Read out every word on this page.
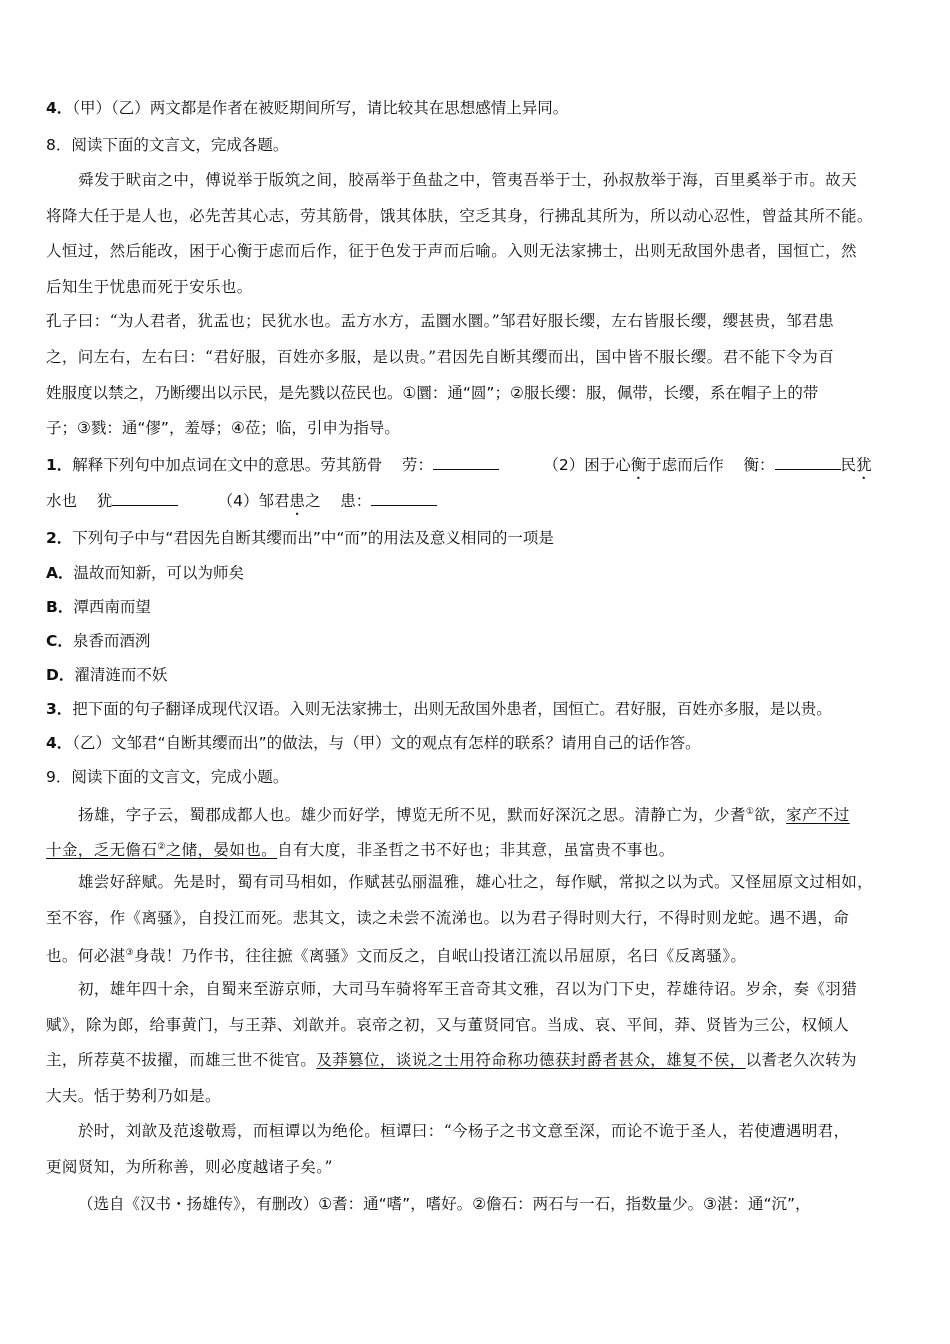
4．（甲）（乙）两文都是作者在被贬期间所写，请比较其在思想感情上异同。
8．阅读下面的文言文，完成各题。
舜发于畎亩之中，傅说举于版筑之间，胶鬲举于鱼盐之中，管夷吾举于士，孙叔敖举于海，百里奚举于市。故天
将降大任于是人也，必先苦其心志，劳其筋骨，饿其体肤，空乏其身，行拂乱其所为，所以动心忍性，曾益其所不能。
人恒过，然后能改，困于心衡于虑而后作，征于色发于声而后喻。入则无法家拂士，出则无敌国外患者，国恒亡，然
后知生于忧患而死于安乐也。
孔子曰：“为人君者，犹盂也；民犹水也。盂方水方，盂圜水圜。”邹君好服长缨，左右皆服长缨，缨甚贵，邹君患
之，问左右，左右曰：“君好服，百姓亦多服，是以贵。”君因先自断其缨而出，国中皆不服长缨。君不能下令为百
姓服度以禁之，乃断缨出以示民，是先戮以莅民也。①圜：通“圆”；②服长缨：服，佩带，长缨，系在帽子上的带
子；③戮：通“僇”，羞辱；④莅；临，引申为指导。
1．解释下列句中加点词在文中的意思。劳其筋骨 劳：	（2）困于心衡于虑而后作 衡：	民犹
水也 犹	（4）邹君患之 患：
2．下列句子中与“君因先自断其缨而出”中“而”的用法及意义相同的一项是
A．温故而知新，可以为师矣
B．潭西南而望
C．泉香而酒洌
D．濯清涟而不妖
3．把下面的句子翻译成现代汉语。入则无法家拂士，出则无敌国外患者，国恒亡。君好服，百姓亦多服，是以贵。
4．（乙）文邹君“自断其缨而出”的做法，与（甲）文的观点有怎样的联系？请用自己的话作答。
9．阅读下面的文言文，完成小题。
扬雄，字子云，蜀郡成都人也。雄少而好学，博览无所不见，默而好深沉之思。清静亡为，少耆①欲，家产不过
十金，乏无儋石②之储，晏如也。自有大度，非圣哲之书不好也；非其意，虽富贵不事也。
雄尝好辞赋。先是时，蜀有司马相如，作赋甚弘丽温雅，雄心壮之，每作赋，常拟之以为式。又怪屈原文过相如，
至不容，作《离骚》，自投江而死。悲其文，读之未尝不流涕也。以为君子得时则大行，不得时则龙蛇。遇不遇，命
也。何必湛③身哉！乃作书，往往摭《离骚》文而反之，自岷山投诸江流以吊屈原，名曰《反离骚》。
初，雄年四十余，自蜀来至游京师，大司马车骑将军王音奇其文雅，召以为门下史，荐雄待诏。岁余，奏《羽猎
赋》，除为郎，给事黄门，与王莽、刘歆并。哀帝之初，又与董贤同官。当成、哀、平间，莽、贤皆为三公，权倾人
主，所荐莫不拔擢，而雄三世不徙官。及莽篡位，谈说之士用符命称功德获封爵者甚众，雄复不侯，以耆老久次转为
大夫。恬于势利乃如是。
於时，刘歆及范逡敬焉，而桓谭以为绝伦。桓谭曰：“今杨子之书文意至深，而论不诡于圣人，若使遭遇明君，
更阅贤知，为所称善，则必度越诸子矣。”
（选自《汉书・扬雄传》，有删改）①耆：通“嗜”，嗜好。②儋石：两石与一石，指数量少。③湛：通“沉”，
